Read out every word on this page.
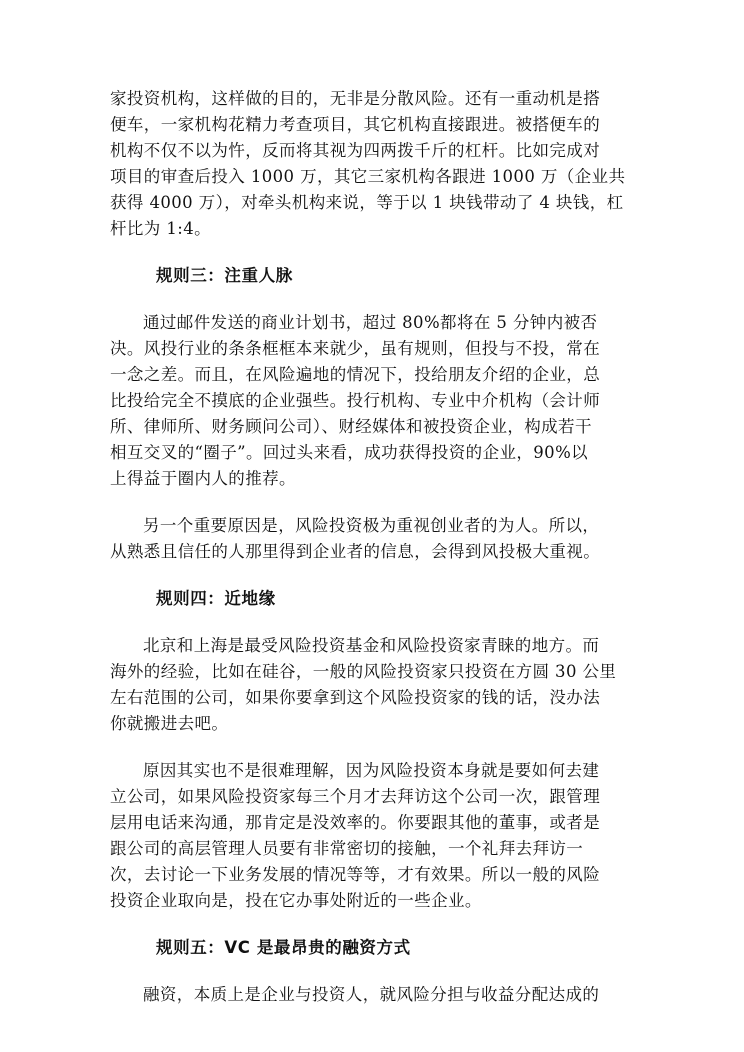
家投资机构，这样做的目的，无非是分散风险。还有一重动机是搭
便车，一家机构花精力考查项目，其它机构直接跟进。被搭便车的
机构不仅不以为忤，反而将其视为四两拨千斤的杠杆。比如完成对
项目的审查后投入 1000 万，其它三家机构各跟进 1000 万（企业共
获得 4000 万），对牵头机构来说，等于以 1 块钱带动了 4 块钱，杠
杆比为 1:4。

规则三：注重人脉

通过邮件发送的商业计划书，超过 80%都将在 5 分钟内被否
决。风投行业的条条框框本来就少，虽有规则，但投与不投，常在
一念之差。而且，在风险遍地的情况下，投给朋友介绍的企业，总
比投给完全不摸底的企业强些。投行机构、专业中介机构（会计师
所、律师所、财务顾问公司）、财经媒体和被投资企业，构成若干
相互交叉的“圈子”。回过头来看，成功获得投资的企业，90%以
上得益于圈内人的推荐。

另一个重要原因是，风险投资极为重视创业者的为人。所以，
从熟悉且信任的人那里得到企业者的信息，会得到风投极大重视。

规则四：近地缘

北京和上海是最受风险投资基金和风险投资家青睐的地方。而
海外的经验，比如在硅谷，一般的风险投资家只投资在方圆 30 公里
左右范围的公司，如果你要拿到这个风险投资家的钱的话，没办法
你就搬进去吧。

原因其实也不是很难理解，因为风险投资本身就是要如何去建
立公司，如果风险投资家每三个月才去拜访这个公司一次，跟管理
层用电话来沟通，那肯定是没效率的。你要跟其他的董事，或者是
跟公司的高层管理人员要有非常密切的接触，一个礼拜去拜访一
次，去讨论一下业务发展的情况等等，才有效果。所以一般的风险
投资企业取向是，投在它办事处附近的一些企业。

规则五：VC 是最昂贵的融资方式

融资，本质上是企业与投资人，就风险分担与收益分配达成的
